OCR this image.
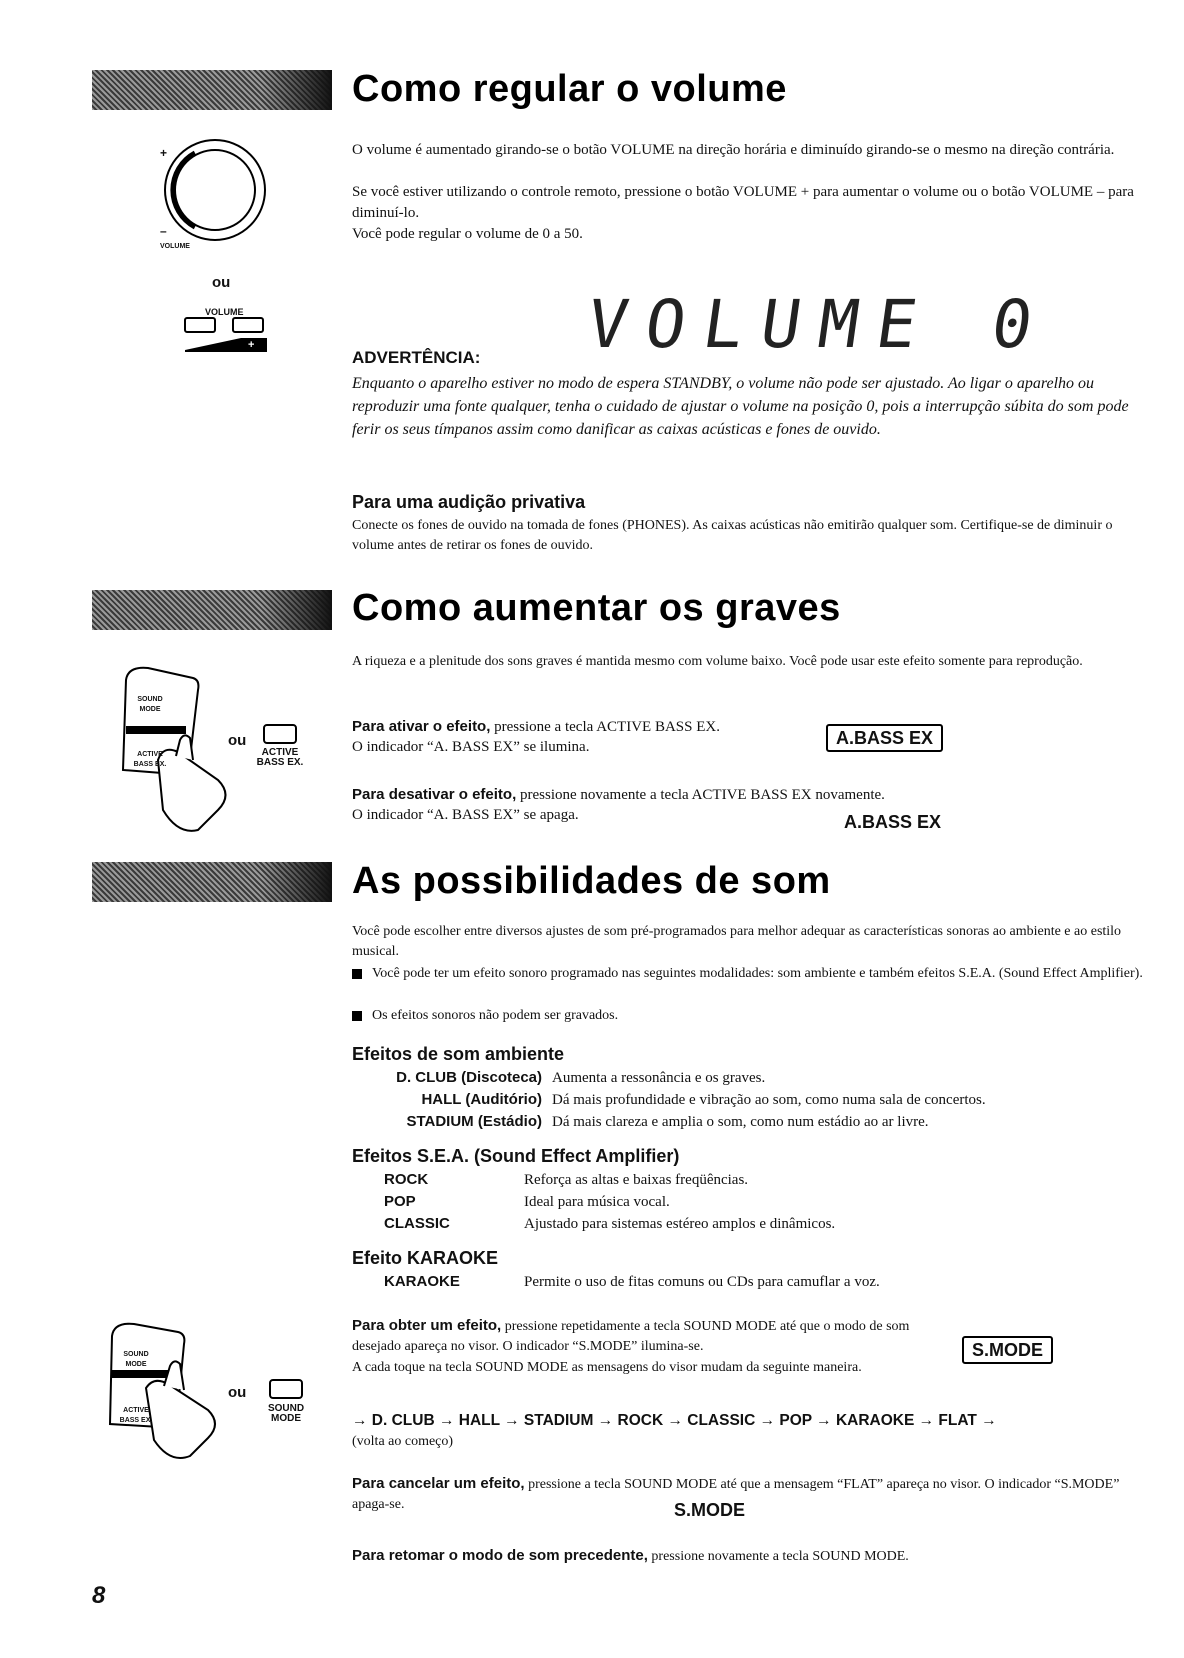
Como regular o volume
+
–
VOLUME
ou
VOLUME
+

O volume é aumentado girando-se o botão VOLUME na direção horária e diminuído girando-se o mesmo na direção contrária.

Se você estiver utilizando o controle remoto, pressione o botão VOLUME + para aumentar o volume ou o botão VOLUME – para diminuí-lo.

Você pode regular o volume de 0 a 50.

VOLUME 0
ADVERTÊNCIA:

Enquanto o aparelho estiver no modo de espera STANDBY, o volume não pode ser ajustado. Ao ligar o aparelho ou reproduzir uma fonte qualquer, tenha o cuidado de ajustar o volume na posição 0, pois a interrupção súbita do som pode ferir os seus tímpanos assim como danificar as caixas acústicas e fones de ouvido.

Para uma audição privativa

Conecte os fones de ouvido na tomada de fones (PHONES). As caixas acústicas não emitirão qualquer som. Certifique-se de diminuir o volume antes de retirar os fones de ouvido.

Como aumentar os graves

A riqueza e a plenitude dos sons graves é mantida mesmo com volume baixo. Você pode usar este efeito somente para reprodução.

SOUND MODE
ACTIVE BASS EX.
ou
ACTIVE BASS EX.

Para ativar o efeito, pressione a tecla ACTIVE BASS EX.

O indicador “A. BASS EX” se ilumina.	A.BASS EX

Para desativar o efeito, pressione novamente a tecla ACTIVE BASS EX novamente.

O indicador “A. BASS EX” se apaga.	A.BASS EX
As possibilidades de som

Você pode escolher entre diversos ajustes de som pré-programados para melhor adequar as características sonoras ao ambiente e ao estilo musical.

Você pode ter um efeito sonoro programado nas seguintes modalidades: som ambiente e também efeitos S.E.A. (Sound Effect Amplifier).
Os efeitos sonoros não podem ser gravados.
Efeitos de som ambiente
D. CLUB (Discoteca) Aumenta a ressonância e os graves.
HALL (Auditório) Dá mais profundidade e vibração ao som, como numa sala de concertos.
STADIUM (Estádio) Dá mais clareza e amplia o som, como num estádio ao ar livre.
Efeitos S.E.A. (Sound Effect Amplifier)
ROCK	Reforça as altas e baixas freqüências.
POP	Ideal para música vocal.
CLASSIC	Ajustado para sistemas estéreo amplos e dinâmicos.
Efeito KARAOKE
KARAOKE	Permite o uso de fitas comuns ou CDs para camuflar a voz.
SOUND MODE
ACTIVE BASS EX.
ou
SOUND MODE

Para obter um efeito, pressione repetidamente a tecla SOUND MODE até que o modo de som desejado apareça no visor. O indicador “S.MODE” ilumina-se.

A cada toque na tecla SOUND MODE as mensagens do visor mudam da seguinte maneira.

S.MODE
→ D. CLUB → HALL → STADIUM → ROCK → CLASSIC → POP → KARAOKE → FLAT →

(volta ao começo)

Para cancelar um efeito, pressione a tecla SOUND MODE até que a mensagem “FLAT” apareça no visor. O indicador “S.MODE” apaga-se.	S.MODE

Para retomar o modo de som precedente, pressione novamente a tecla SOUND MODE.

8
